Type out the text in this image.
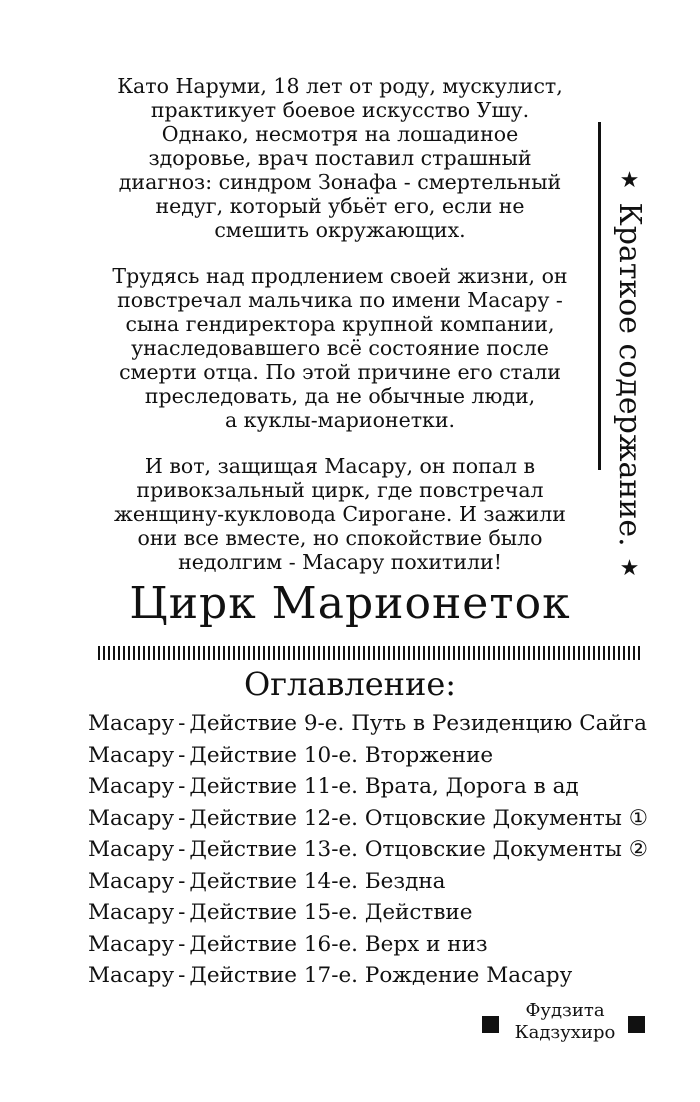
Като Наруми, 18 лет от роду, мускулист,
практикует боевое искусство Ушу.
Однако, несмотря на лошадиное
здоровье, врач поставил страшный
диагноз: синдром Зонафа - смертельный
недуг, который убьёт его, если не
смешить окружающих.

Трудясь над продлением своей жизни, он
повстречал мальчика по имени Масару -
сына гендиректора крупной компании,
унаследовавшего всё состояние после
смерти отца. По этой причине его стали
преследовать, да не обычные люди,
а куклы-марионетки.

И вот, защищая Масару, он попал в
привокзальный цирк, где повстречал
женщину-кукловода Сирогане. И зажили
они все вместе, но спокойствие было
недолгим - Масару похитили!

★ Краткое содержание. ★
Цирк Марионеток
Оглавление:
Масару - Действие 9-е. Путь в Резиденцию Сайга
Масару - Действие 10-е. Вторжение
Масару - Действие 11-е. Врата, Дорога в ад
Масару - Действие 12-е. Отцовские Документы ①
Масару - Действие 13-е. Отцовские Документы ②
Масару - Действие 14-е. Бездна
Масару - Действие 15-е. Действие
Масару - Действие 16-е. Верх и низ
Масару - Действие 17-е. Рождение Масару
Фудзита
Кадзухиро
